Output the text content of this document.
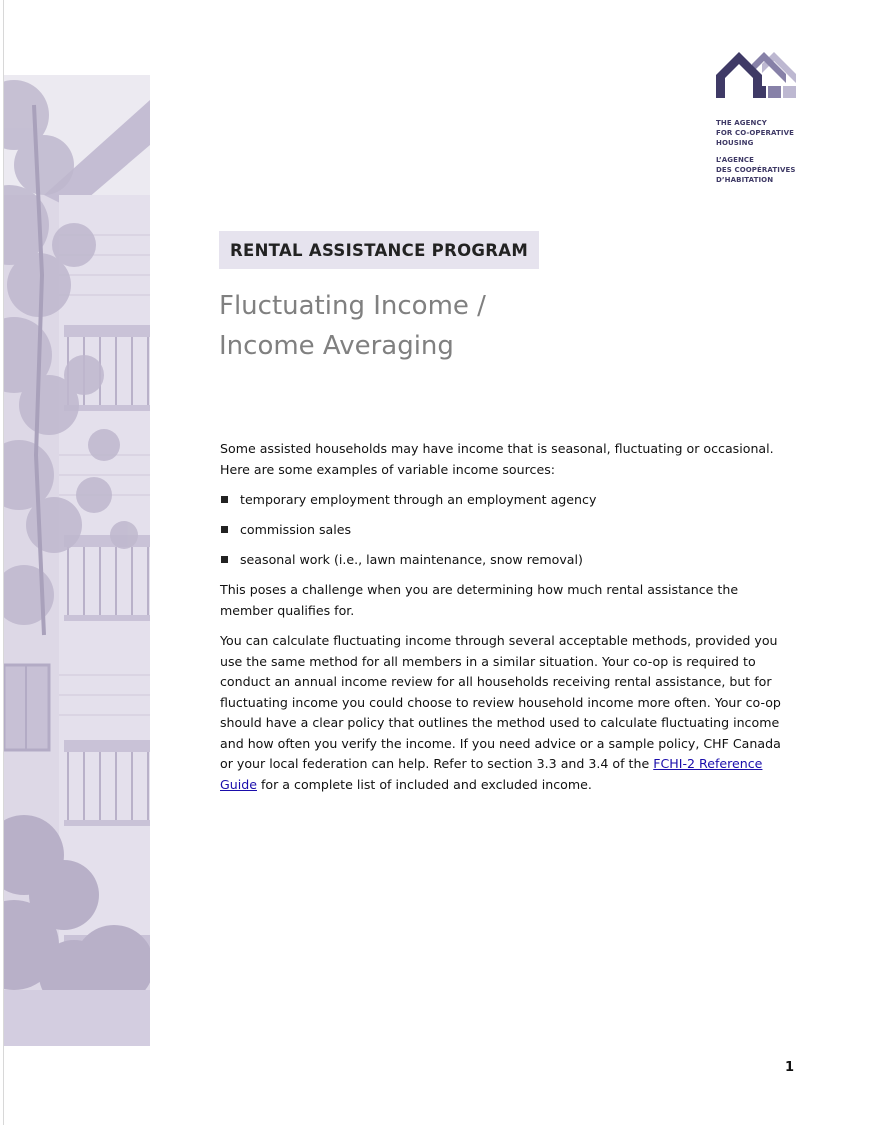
THE AGENCY
FOR CO-OPERATIVE
HOUSING
L’AGENCE
DES COOPÉRATIVES
D’HABITATION
RENTAL ASSISTANCE PROGRAM
Fluctuating Income /
Income Averaging

Some assisted households may have income that is seasonal, fluctuating or occasional. Here are some examples of variable income sources:

temporary employment through an employment agency
commission sales
seasonal work (i.e., lawn maintenance, snow removal)

This poses a challenge when you are determining how much rental assistance the member qualifies for.

You can calculate fluctuating income through several acceptable methods, provided you use the same method for all members in a similar situation. Your co-op is required to conduct an annual income review for all households receiving rental assistance, but for fluctuating income you could choose to review household income more often. Your co-op should have a clear policy that outlines the method used to calculate fluctuating income and how often you verify the income. If you need advice or a sample policy, CHF Canada or your local federation can help. Refer to section 3.3 and 3.4 of the FCHI-2 Reference Guide for a complete list of included and excluded income.

1
